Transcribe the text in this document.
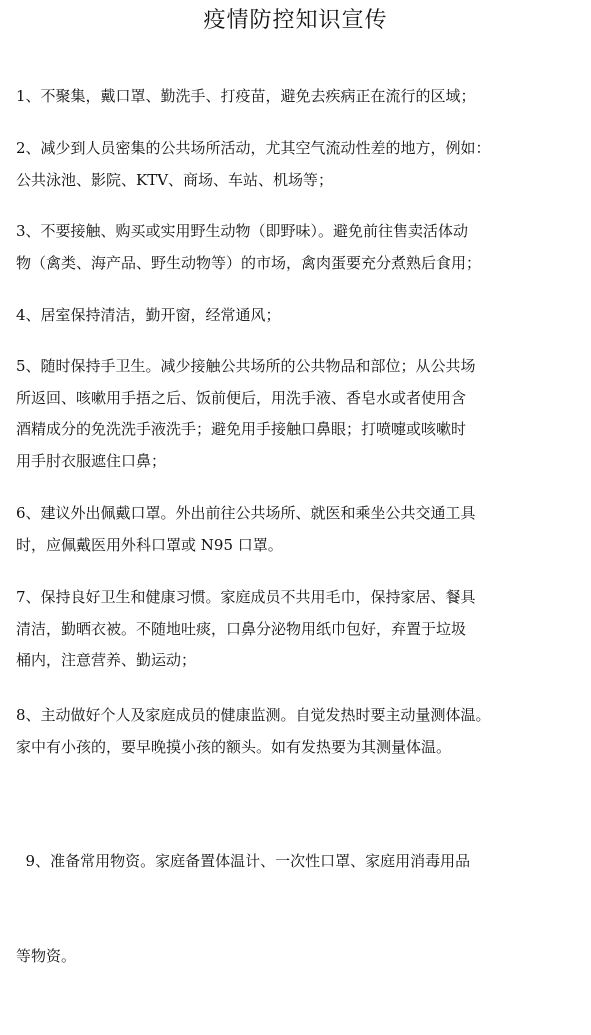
疫情防控知识宣传

1、不聚集，戴口罩、勤洗手、打疫苗，避免去疾病正在流行的区域；

2、减少到人员密集的公共场所活动，尤其空气流动性差的地方，例如：
公共泳池、影院、KTV、商场、车站、机场等；

3、不要接触、购买或实用野生动物（即野味）。避免前往售卖活体动
物（禽类、海产品、野生动物等）的市场，禽肉蛋要充分煮熟后食用；

4、居室保持清洁，勤开窗，经常通风；

5、随时保持手卫生。减少接触公共场所的公共物品和部位；从公共场
所返回、咳嗽用手捂之后、饭前便后，用洗手液、香皂水或者使用含
酒精成分的免洗洗手液洗手；避免用手接触口鼻眼；打喷嚏或咳嗽时
用手肘衣服遮住口鼻；

6、建议外出佩戴口罩。外出前往公共场所、就医和乘坐公共交通工具
时，应佩戴医用外科口罩或 N95 口罩。

7、保持良好卫生和健康习惯。家庭成员不共用毛巾，保持家居、餐具
清洁，勤晒衣被。不随地吐痰，口鼻分泌物用纸巾包好，弃置于垃圾
桶内，注意营养、勤运动；

8、主动做好个人及家庭成员的健康监测。自觉发热时要主动量测体温。
家中有小孩的，要早晚摸小孩的额头。如有发热要为其测量体温。

9、准备常用物资。家庭备置体温计、一次性口罩、家庭用消毒用品

等物资。
